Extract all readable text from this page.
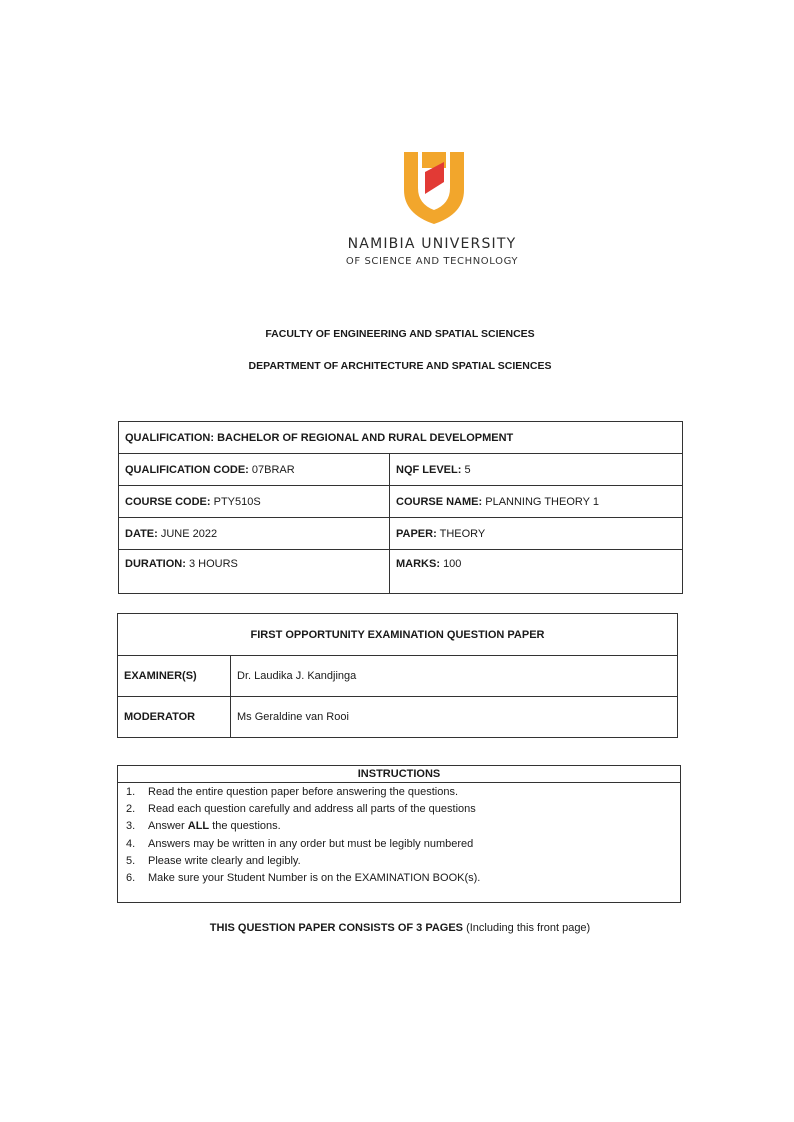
NAMIBIA UNIVERSITY
OF SCIENCE AND TECHNOLOGY
FACULTY OF ENGINEERING AND SPATIAL SCIENCES
DEPARTMENT OF ARCHITECTURE AND SPATIAL SCIENCES
QUALIFICATION: BACHELOR OF REGIONAL AND RURAL DEVELOPMENT	
QUALIFICATION CODE: 07BRAR	NQF LEVEL: 5
COURSE CODE: PTY510S	COURSE NAME: PLANNING THEORY 1
DATE: JUNE 2022	PAPER: THEORY
DURATION: 3 HOURS	MARKS: 100
FIRST OPPORTUNITY EXAMINATION QUESTION PAPER	
EXAMINER(S)	Dr. Laudika J. Kandjinga
MODERATOR	Ms Geraldine van Rooi
INSTRUCTIONS
1. Read the entire question paper before answering the questions.
2. Read each question carefully and address all parts of the questions
3. Answer ALL the questions.
4. Answers may be written in any order but must be legibly numbered
5. Please write clearly and legibly.
6. Make sure your Student Number is on the EXAMINATION BOOK(s).
THIS QUESTION PAPER CONSISTS OF 3 PAGES (Including this front page)
